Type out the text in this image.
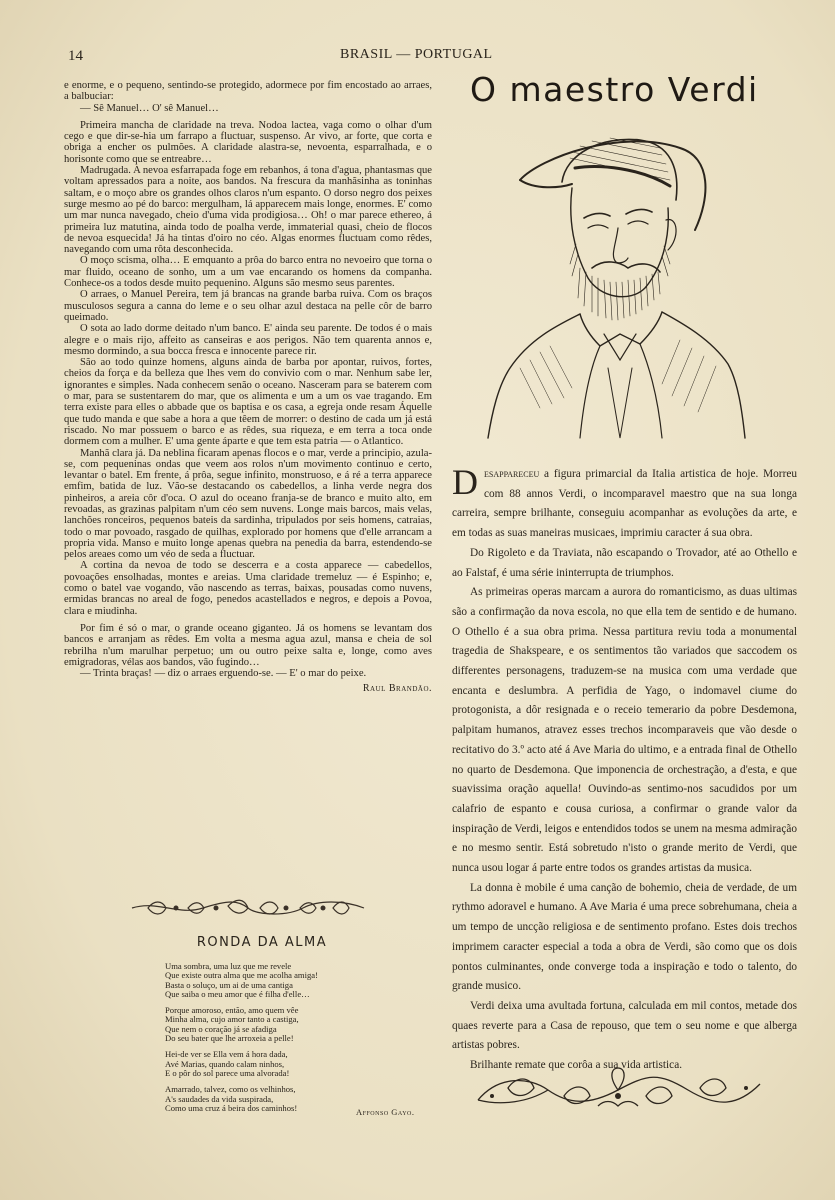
14	BRASIL — PORTUGAL

e enorme, e o pequeno, sentindo-se protegido, adormece por fim encostado ao arraes, a balbuciar:

— Sê Manuel… O' sê Manuel…

Primeira mancha de claridade na treva. Nodoa lactea, vaga como o olhar d'um cego e que dir-se-hia um farrapo a fluctuar, suspenso. Ar vivo, ar forte, que corta e obriga a encher os pulmões. A claridade alastra-se, nevoenta, esparralhada, e o horisonte como que se entreabre…

Madrugada. A nevoa esfarrapada foge em rebanhos, á tona d'agua, phantasmas que voltam apressados para a noite, aos bandos. Na frescura da manhãsinha as toninhas saltam, e o moço abre os grandes olhos claros n'um espanto. O dorso negro dos peixes surge mesmo ao pé do barco: mergulham, lá apparecem mais longe, enormes. E' como um mar nunca navegado, cheio d'uma vida prodigiosa… Oh! o mar parece ethereo, á primeira luz matutina, ainda todo de poalha verde, immaterial quasi, cheio de flocos de nevoa esquecida! Já ha tintas d'oiro no céo. Algas enormes fluctuam como rêdes, navegando com uma rôta desconhecida.

O moço scisma, olha… E emquanto a prôa do barco entra no nevoeiro que torna o mar fluido, oceano de sonho, um a um vae encarando os homens da companha. Conhece-os a todos desde muito pequenino. Alguns são mesmo seus parentes.

O arraes, o Manuel Pereira, tem já brancas na grande barba ruiva. Com os braços musculosos segura a canna do leme e o seu olhar azul destaca na pelle côr de barro queimado.

O sota ao lado dorme deitado n'um banco. E' ainda seu parente. De todos é o mais alegre e o mais rijo, affeito as canseiras e aos perigos. Não tem quarenta annos e, mesmo dormindo, a sua bocca fresca e innocente parece rir.

São ao todo quinze homens, alguns ainda de barba por apontar, ruivos, fortes, cheios da força e da belleza que lhes vem do convivio com o mar. Nenhum sabe ler, ignorantes e simples. Nada conhecem senão o oceano. Nasceram para se baterem com o mar, para se sustentarem do mar, que os alimenta e um a um os vae tragando. Em terra existe para elles o abbade que os baptisa e os casa, a egreja onde resam Áquelle que tudo manda e que sabe a hora a que têem de morrer: o destino de cada um já está riscado. No mar possuem o barco e as rêdes, sua riqueza, e em terra a toca onde dormem com a mulher. E' uma gente áparte e que tem esta patria — o Atlantico.

Manhã clara já. Da neblina ficaram apenas flocos e o mar, verde a principio, azula-se, com pequeninas ondas que veem aos rolos n'um movimento continuo e certo, levantar o batel. Em frente, á prôa, segue infinito, monstruoso, e á ré a terra apparece emfim, batida de luz. Vão-se destacando os cabedellos, a linha verde negra dos pinheiros, a areia côr d'oca. O azul do oceano franja-se de branco e muito alto, em revoadas, as grazinas palpitam n'um céo sem nuvens. Longe mais barcos, mais velas, lanchões ronceiros, pequenos bateis da sardinha, tripulados por seis homens, catraias, todo o mar povoado, rasgado de quilhas, explorado por homens que d'elle arrancam a propria vida. Manso e muito longe apenas quebra na penedia da barra, estendendo-se pelos areaes como um véo de seda a fluctuar.

A cortina da nevoa de todo se descerra e a costa apparece — cabedellos, povoações ensolhadas, montes e areias. Uma claridade tremeluz — é Espinho; e, como o batel vae vogando, vão nascendo as terras, baixas, pousadas como nuvens, ermidas brancas no areal de fogo, penedos acastellados e negros, e depois a Povoa, clara e miudinha.

Por fim é só o mar, o grande oceano giganteo. Já os homens se levantam dos bancos e arranjam as rêdes. Em volta a mesma agua azul, mansa e cheia de sol rebrilha n'um marulhar perpetuo; um ou outro peixe salta e, longe, como aves emigradoras, vélas aos bandos, vão fugindo…

— Trinta braças! — diz o arraes erguendo-se. — E' o mar do peixe.

Raul Brandão.
RONDA DA ALMA
Uma sombra, uma luz que me revele
Que existe outra alma que me acolha amiga!
Basta o soluço, um ai de uma cantiga
Que saiba o meu amor que é filha d'elle…
Porque amoroso, então, amo quem vêe
Minha alma, cujo amor tanto a castiga,
Que nem o coração já se afadiga
Do seu bater que lhe arroxeia a pelle!
Hei-de ver se Ella vem á hora dada,
Avé Marias, quando calam ninhos,
E o pôr do sol parece uma alvorada!
Amarrado, talvez, como os velhinhos,
A's saudades da vida suspirada,
Como uma cruz á beira dos caminhos!	Affonso Gayo.
O maestro Verdi

Desappareceu a figura primarcial da Italia artistica de hoje. Morreu com 88 annos Verdi, o incomparavel maestro que na sua longa carreira, sempre brilhante, conseguiu acompanhar as evoluções da arte, e em todas as suas maneiras musicaes, imprimiu caracter á sua obra.

Do Rigoleto e da Traviata, não escapando o Trovador, até ao Othello e ao Falstaf, é uma série ininterrupta de triumphos.

As primeiras operas marcam a aurora do romanticismo, as duas ultimas são a confirmação da nova escola, no que ella tem de sentido e de humano. O Othello é a sua obra prima. Nessa partitura reviu toda a monumental tragedia de Shakspeare, e os sentimentos tão variados que saccodem os differentes personagens, traduzem-se na musica com uma verdade que encanta e deslumbra. A perfidia de Yago, o indomavel ciume do protogonista, a dôr resignada e o receio temerario da pobre Desdemona, palpitam humanos, atravez esses trechos incomparaveis que vão desde o recitativo do 3.º acto até á Ave Maria do ultimo, e a entrada final de Othello no quarto de Desdemona. Que imponencia de orchestração, a d'esta, e que suavissima oração aquella! Ouvindo-as sentimo-nos sacudidos por um calafrio de espanto e cousa curiosa, a confirmar o grande valor da inspiração de Verdi, leigos e entendidos todos se unem na mesma admiração e no mesmo sentir. Está sobretudo n'isto o grande merito de Verdi, que nunca usou logar á parte entre todos os grandes artistas da musica.

La donna è mobile é uma canção de bohemio, cheia de verdade, de um rythmo adoravel e humano. A Ave Maria é uma prece sobrehumana, cheia a um tempo de uncção religiosa e de sentimento profano. Estes dois trechos imprimem caracter especial a toda a obra de Verdi, são como que os dois pontos culminantes, onde converge toda a inspiração e todo o talento, do grande musico.

Verdi deixa uma avultada fortuna, calculada em mil contos, metade dos quaes reverte para a Casa de repouso, que tem o seu nome e que alberga artistas pobres.

Brilhante remate que corôa a sua vida artistica.
